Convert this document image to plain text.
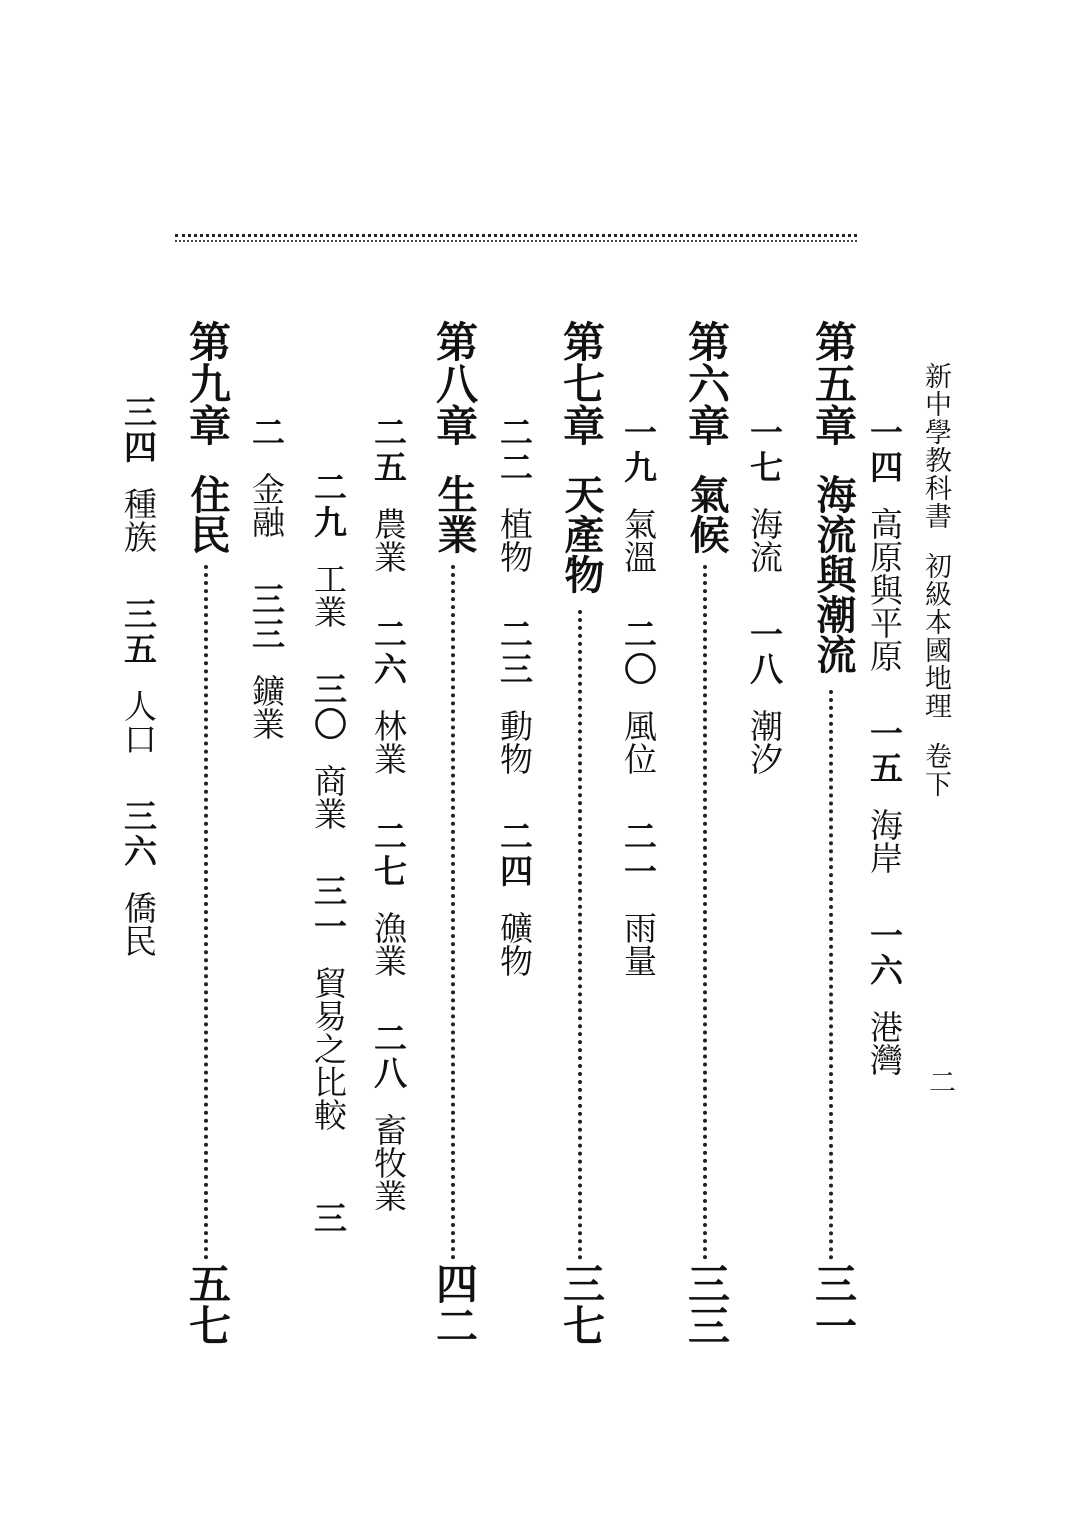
新中學教科書初級本國地理卷下
二
一四高原與平原一五海岸一六港灣
第五章海流與潮流
三一
一七海流一八潮汐
第六章氣候
三三
一九氣溫二〇風位二一雨量
第七章天產物
三七
二二植物二三動物二四礦物
第八章生業
四二
二五農業二六林業二七漁業二八畜牧業
二九工業三〇商業三一貿易之比較三
二金融三三鑛業
第九章住民
五七
三四種族三五人口三六僑民
